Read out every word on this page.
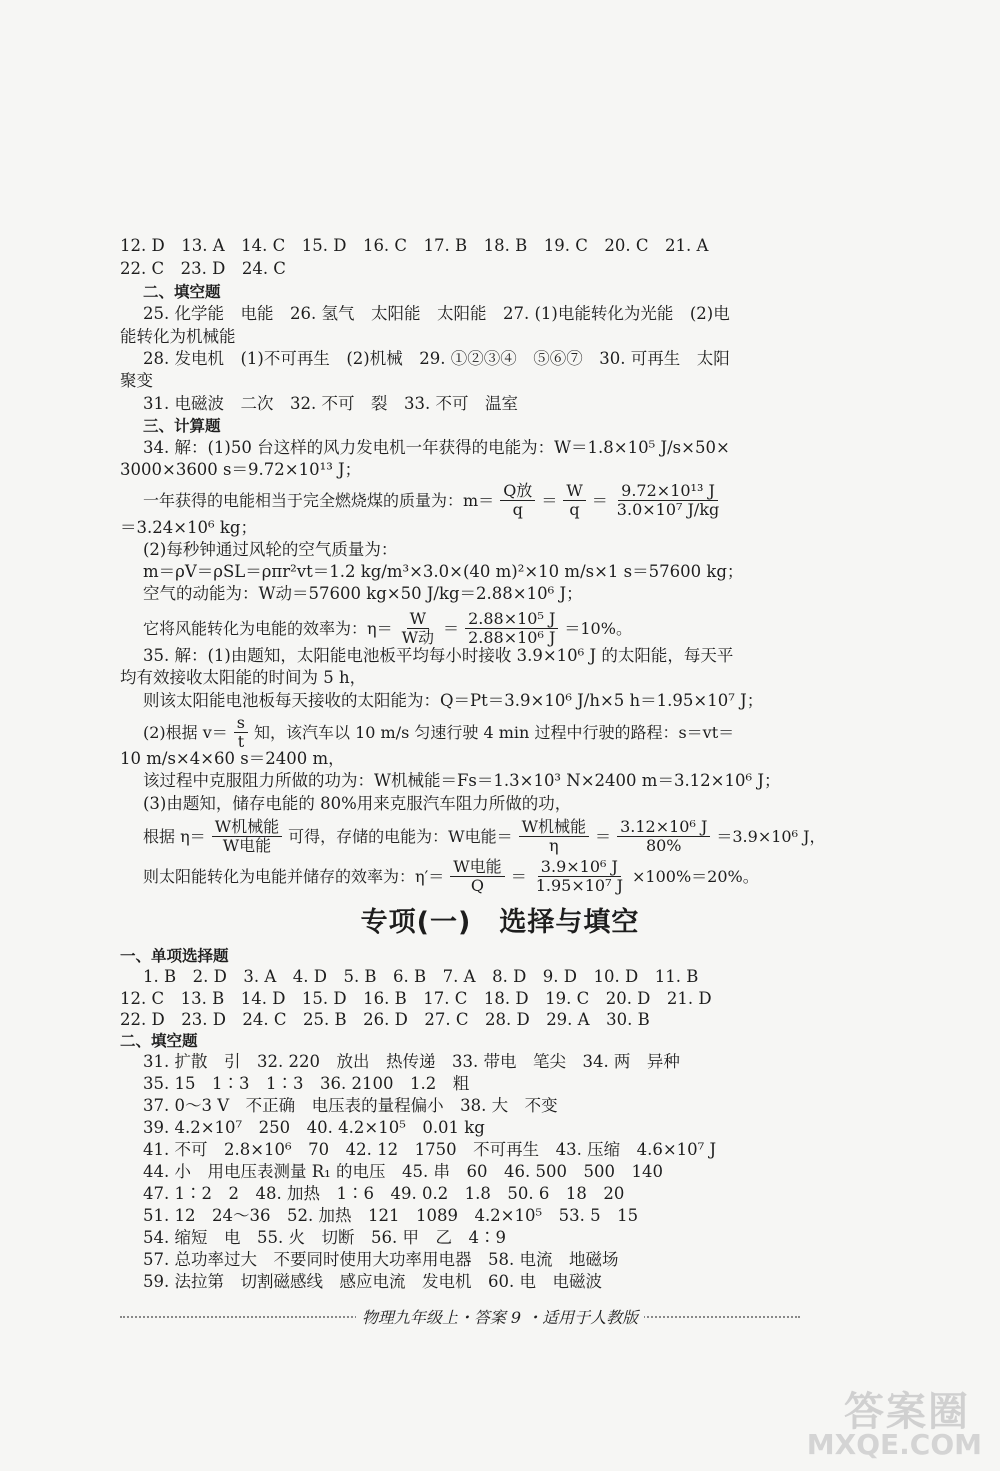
12. D　13. A　14. C　15. D　16. C　17. B　18. B　19. C　20. C　21. A
22. C　23. D　24. C
二、填空题
25. 化学能　电能　26. 氢气　太阳能　太阳能　27. (1)电能转化为光能　(2)电
能转化为机械能
28. 发电机　(1)不可再生　(2)机械　29. ①②③④　⑤⑥⑦　30. 可再生　太阳
聚变
31. 电磁波　二次　32. 不可　裂　33. 不可　温室
三、计算题
34. 解：(1)50 台这样的风力发电机一年获得的电能为：W＝1.8×10⁵ J/s×50×
3000×3600 s＝9.72×10¹³ J；
一年获得的电能相当于完全燃烧煤的质量为：$m= \frac{\text{Q放}}{q} = \frac{W}{q} = \frac{\text{9.72×10¹³ J}}{\text{3.0×10⁷ J/kg}}$
＝3.24×10⁶ kg；
(2)每秒钟通过风轮的空气质量为：
m＝ρV＝ρSL＝ρπr²vt＝1.2 kg/m³×3.0×(40 m)²×10 m/s×1 s＝57600 kg；
空气的动能为：W动＝57600 kg×50 J/kg＝2.88×10⁶ J；
它将风能转化为电能的效率为：$\eta= \frac{W}{\text{W动}} = \frac{\text{2.88×10⁵ J}}{\text{2.88×10⁶ J}} =10\%$。
35. 解：(1)由题知，太阳能电池板平均每小时接收 3.9×10⁶ J 的太阳能，每天平
均有效接收太阳能的时间为 5 h，
则该太阳能电池板每天接收的太阳能为：Q＝Pt＝3.9×10⁶ J/h×5 h＝1.95×10⁷ J；
(2)根据 $v= \frac{s}{t}$ 知，该汽车以 10 m/s 匀速行驶 4 min 过程中行驶的路程：s＝vt＝
10 m/s×4×60 s＝2400 m，
该过程中克服阻力所做的功为：W机械能＝Fs＝1.3×10³ N×2400 m＝3.12×10⁶ J；
(3)由题知，储存电能的 80%用来克服汽车阻力所做的功，
根据 $\eta= \frac{\text{W机械能}}{\text{W电能}}$ 可得，存储的电能为：W电能＝ $\frac{\text{W机械能}}{\eta} = \frac{\text{3.12×10⁶ J}}{80\%} =3.9\times 10^6$ J，
则太阳能转化为电能并储存的效率为：$\eta'= \frac{\text{W电能}}{Q} = \frac{\text{3.9×10⁶ J}}{\text{1.95×10⁷ J}} \times 100\%=20\%$。
专项(一)　选择与填空
一、单项选择题
1. B　2. D　3. A　4. D　5. B　6. B　7. A　8. D　9. D　10. D　11. B
12. C　13. B　14. D　15. D　16. B　17. C　18. D　19. C　20. D　21. D
22. D　23. D　24. C　25. B　26. D　27. C　28. D　29. A　30. B
二、填空题
31. 扩散　引　32. 220　放出　热传递　33. 带电　笔尖　34. 两　异种
35. 15　1∶3　1∶3　36. 2100　1.2　粗
37. 0～3 V　不正确　电压表的量程偏小　38. 大　不变
39. 4.2×10⁷　250　40. 4.2×10⁵　0.01 kg
41. 不可　2.8×10⁶　70　42. 12　1750　不可再生　43. 压缩　4.6×10⁷ J
44. 小　用电压表测量 R₁ 的电压　45. 串　60　46. 500　500　140
47. 1∶2　2　48. 加热　1∶6　49. 0.2　1.8　50. 6　18　20
51. 12　24～36　52. 加热　121　1089　4.2×10⁵　53. 5　15
54. 缩短　电　55. 火　切断　56. 甲　乙　4∶9
57. 总功率过大　不要同时使用大功率用电器　58. 电流　地磁场
59. 法拉第　切割磁感线　感应电流　发电机　60. 电　电磁波
物理九年级上・答案 9 ・适用于人教版
答案圈
MXQE.COM
